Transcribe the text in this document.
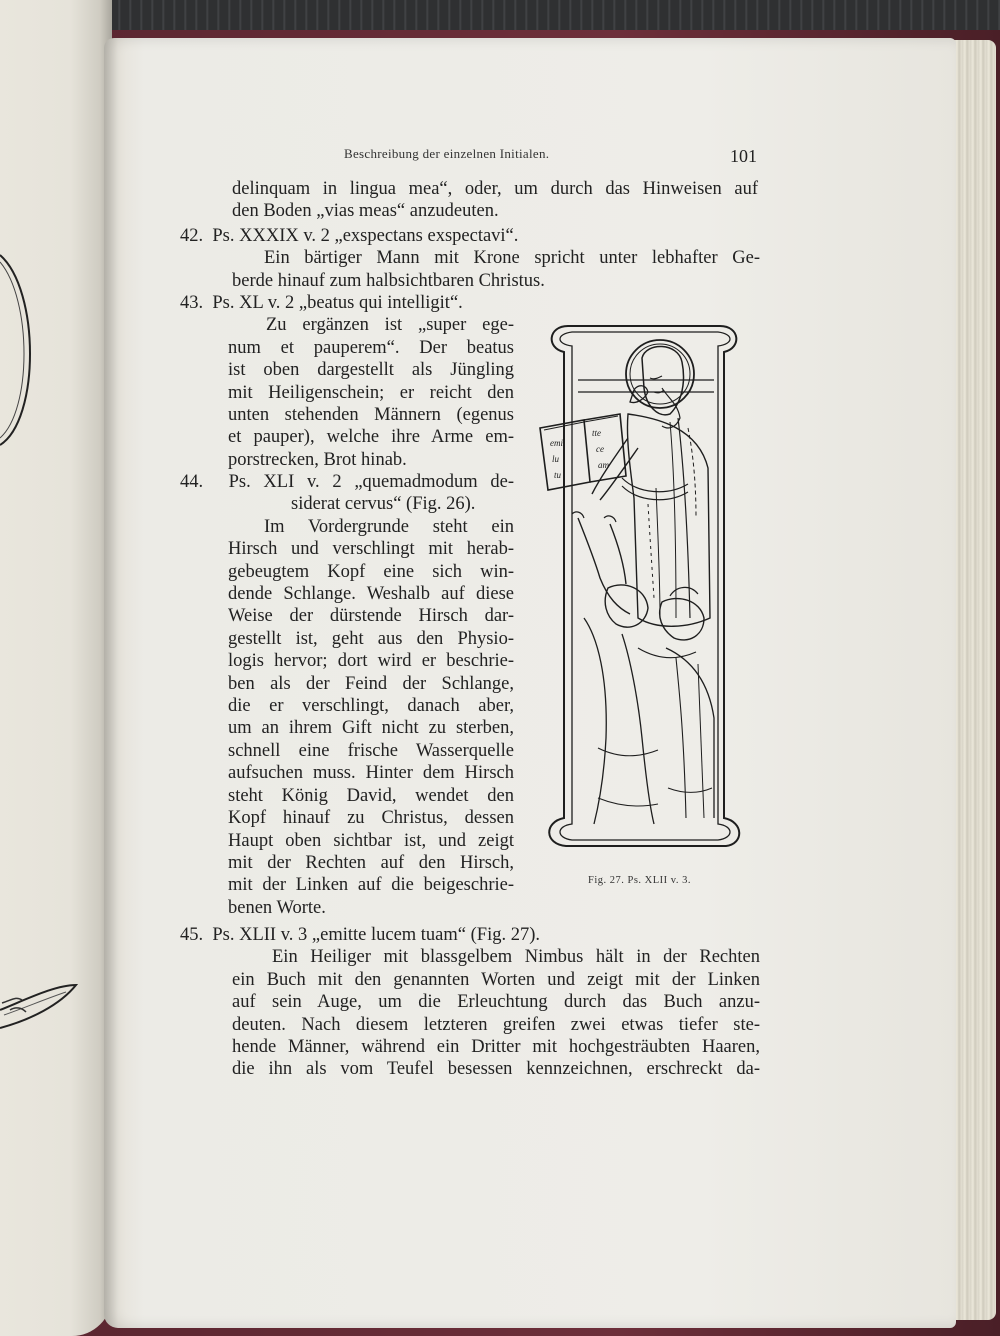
Beschreibung der einzelnen Initialen.	101
delinquam in lingua mea“, oder, um durch das Hinweisen auf
den Boden „vias meas“ anzudeuten.
42.  Ps. XXXIX v. 2 „exspectans exspectavi“.
Ein bärtiger Mann mit Krone spricht unter lebhafter Ge-
berde hinauf zum halbsichtbaren Christus.
43.  Ps. XL v. 2 „beatus qui intelligit“.
Zu ergänzen ist „super ege-
num et pauperem“. Der beatus
ist oben dargestellt als Jüngling
mit Heiligenschein; er reicht den
unten stehenden Männern (egenus
et pauper), welche ihre Arme em-
porstrecken, Brot hinab.
44.  Ps. XLI v. 2 „quemadmodum de-
siderat cervus“ (Fig. 26).
Im Vordergrunde steht ein
Hirsch und verschlingt mit herab-
gebeugtem Kopf eine sich win-
dende Schlange. Weshalb auf diese
Weise der dürstende Hirsch dar-
gestellt ist, geht aus den Physio-
logis hervor; dort wird er beschrie-
ben als der Feind der Schlange,
die er verschlingt, danach aber,
um an ihrem Gift nicht zu sterben,
schnell eine frische Wasserquelle
aufsuchen muss. Hinter dem Hirsch
steht König David, wendet den
Kopf hinauf zu Christus, dessen
Haupt oben sichtbar ist, und zeigt
mit der Rechten auf den Hirsch,
mit der Linken auf die beigeschrie-
benen Worte.
emi
tte
lu
ce
tu
am
Fig. 27. Ps. XLII v. 3.
45.  Ps. XLII v. 3 „emitte lucem tuam“ (Fig. 27).
Ein Heiliger mit blassgelbem Nimbus hält in der Rechten
ein Buch mit den genannten Worten und zeigt mit der Linken
auf sein Auge, um die Erleuchtung durch das Buch anzu-
deuten. Nach diesem letzteren greifen zwei etwas tiefer ste-
hende Männer, während ein Dritter mit hochgesträubten Haaren,
die ihn als vom Teufel besessen kennzeichnen, erschreckt da-
